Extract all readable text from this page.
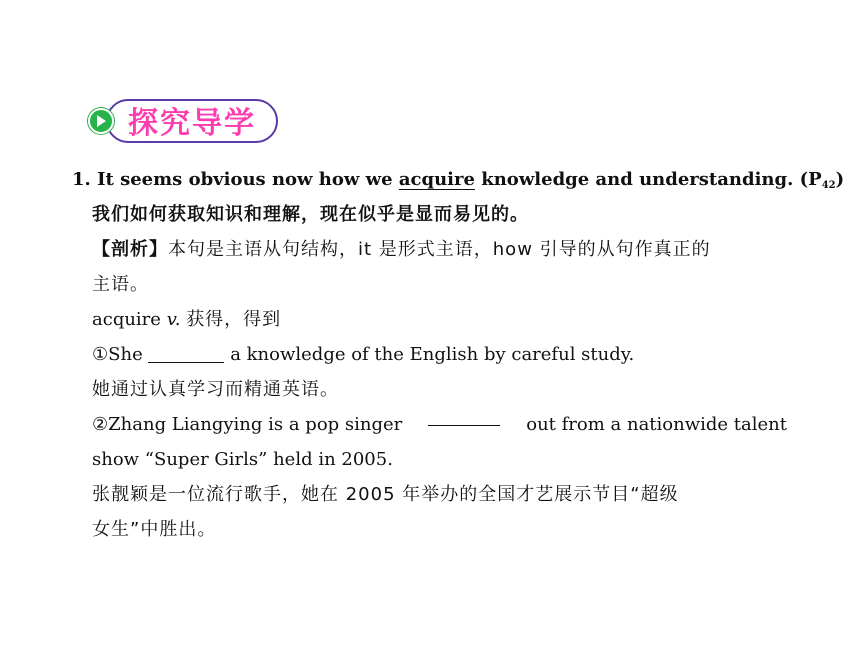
探究导学
1. It seems obvious now how we acquire knowledge and understanding. $(P_{42})$
我们如何获取知识和理解，现在似乎是显而易见的。
【剖析】本句是主语从句结构，it 是形式主语，how 引导的从句作真正的
主语。
acquire v. 获得，得到
①She	a knowledge of the English by careful study.
她通过认真学习而精通英语。
②Zhang Liangying is a pop singer	out from a nationwide talent
show “Super Girls” held in 2005.
张靓颖是一位流行歌手，她在 2005 年举办的全国才艺展示节目“超级
女生”中胜出。
